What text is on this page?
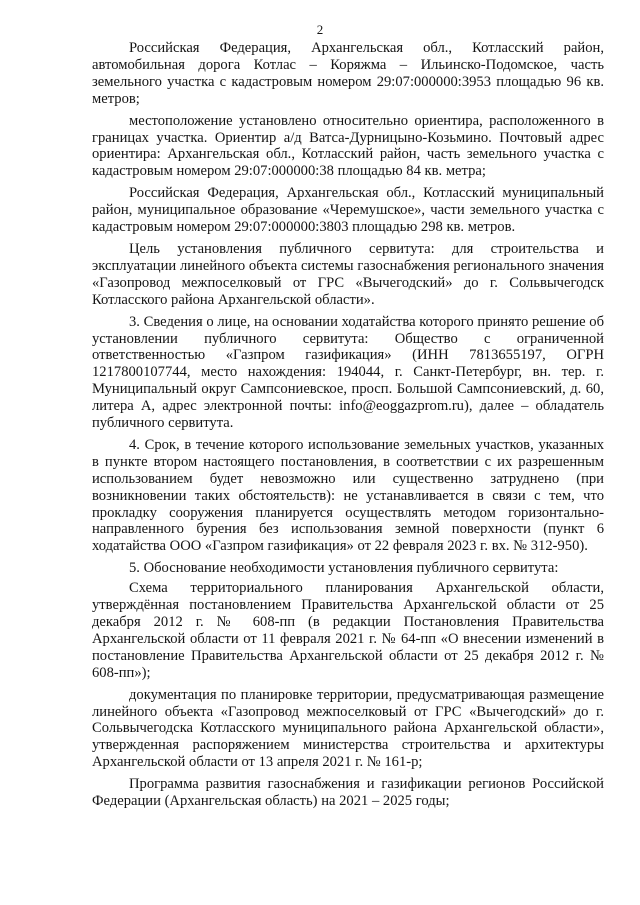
2

Российская Федерация, Архангельская обл., Котласский район, автомобильная дорога Котлас – Коряжма – Ильинско-Подомское, часть земельного участка с кадастровым номером 29:07:000000:3953 площадью 96 кв. метров;

местоположение установлено относительно ориентира, расположенного в границах участка. Ориентир а/д Ватса-Дурницыно-Козьмино. Почтовый адрес ориентира: Архангельская обл., Котласский район, часть земельного участка с кадастровым номером 29:07:000000:38 площадью 84 кв. метра;

Российская Федерация, Архангельская обл., Котласский муниципальный район, муниципальное образование «Черемушское», части земельного участка с кадастровым номером 29:07:000000:3803 площадью 298 кв. метров.

Цель установления публичного сервитута: для строительства и эксплуатации линейного объекта системы газоснабжения регионального значения «Газопровод межпоселковый от ГРС «Вычегодский» до г. Сольвычегодск Котласского района Архангельской области».

3. Сведения о лице, на основании ходатайства которого принято решение об установлении публичного сервитута: Общество с ограниченной ответственностью «Газпром газификация» (ИНН 7813655197, ОГРН 1217800107744, место нахождения: 194044, г. Санкт-Петербург, вн. тер. г. Муниципальный округ Сампсониевское, просп. Большой Сампсониевский, д. 60, литера А, адрес электронной почты: info@eoggazprom.ru), далее – обладатель публичного сервитута.

4. Срок, в течение которого использование земельных участков, указанных в пункте втором настоящего постановления, в соответствии с их разрешенным использованием будет невозможно или существенно затруднено (при возникновении таких обстоятельств): не устанавливается в связи с тем, что прокладку сооружения планируется осуществлять методом горизонтально-направленного бурения без использования земной поверхности (пункт 6 ходатайства ООО «Газпром газификация» от 22 февраля 2023 г. вх. № 312-950).

5. Обоснование необходимости установления публичного сервитута:

Схема территориального планирования Архангельской области, утверждённая постановлением Правительства Архангельской области от 25 декабря 2012 г. № 608-пп (в редакции Постановления Правительства Архангельской области от 11 февраля 2021 г. № 64-пп «О внесении изменений в постановление Правительства Архангельской области от 25 декабря 2012 г. № 608-пп»);

документация по планировке территории, предусматривающая размещение линейного объекта «Газопровод межпоселковый от ГРС «Вычегодский» до г. Сольвычегодска Котласского муниципального района Архангельской области», утвержденная распоряжением министерства строительства и архитектуры Архангельской области от 13 апреля 2021 г. № 161-р;

Программа развития газоснабжения и газификации регионов Российской Федерации (Архангельская область) на 2021 – 2025 годы;
